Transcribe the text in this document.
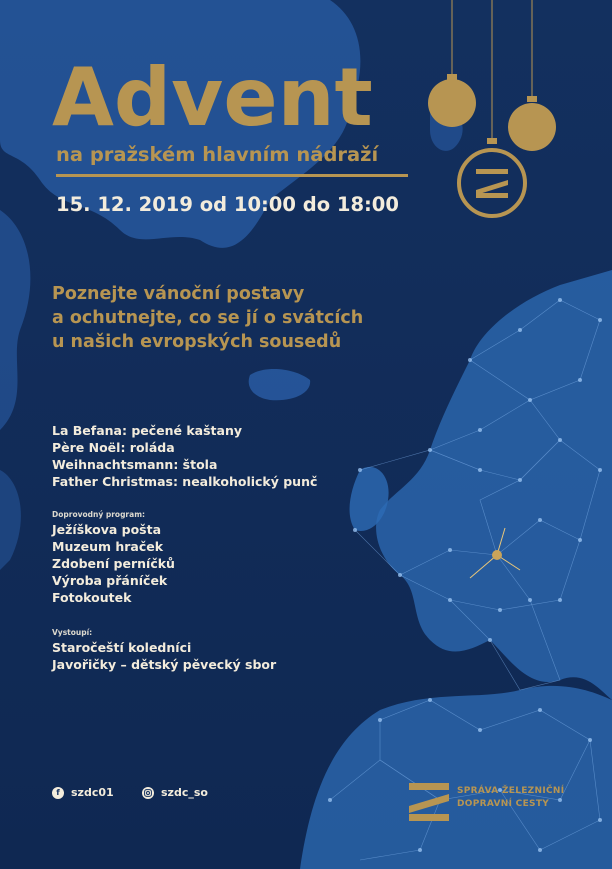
Advent
na pražském hlavním nádraží
15. 12. 2019 od 10:00 do 18:00
Poznejte vánoční postavy
a ochutnejte, co se jí o svátcích
u našich evropských sousedů
La Befana: pečené kaštany
Père Noël: roláda
Weihnachtsmann: štola
Father Christmas: nealkoholický punč
Doprovodný program:
Ježíškova pošta
Muzeum hraček
Zdobení perníčků
Výroba přáníček
Fotokoutek
Vystoupí:
Staročeští koledníci
Javořičky – dětský pěvecký sbor
f	szdc01	szdc_so	SPRÁVA ŽELEZNIČNÍ
DOPRAVNÍ CESTY
